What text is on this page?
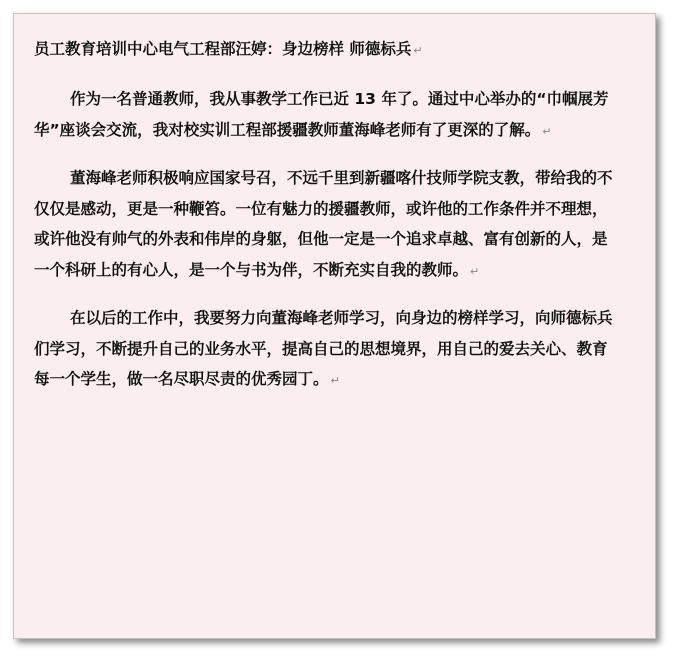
员工教育培训中心电气工程部汪婷：身边榜样 师德标兵 ↵
作为一名普通教师，我从事教学工作已近 13 年了。通过中心举办的“巾帼展芳华”座谈会交流，我对校实训工程部援疆教师董海峰老师有了更深的了解。 ↵
董海峰老师积极响应国家号召，不远千里到新疆喀什技师学院支教，带给我的不仅仅是感动，更是一种鞭笞。一位有魅力的援疆教师，或许他的工作条件并不理想，或许他没有帅气的外表和伟岸的身躯，但他一定是一个追求卓越、富有创新的人，是一个科研上的有心人，是一个与书为伴，不断充实自我的教师。 ↵
在以后的工作中，我要努力向董海峰老师学习，向身边的榜样学习，向师德标兵们学习，不断提升自己的业务水平，提高自己的思想境界，用自己的爱去关心、教育每一个学生，做一名尽职尽责的优秀园丁。 ↵
